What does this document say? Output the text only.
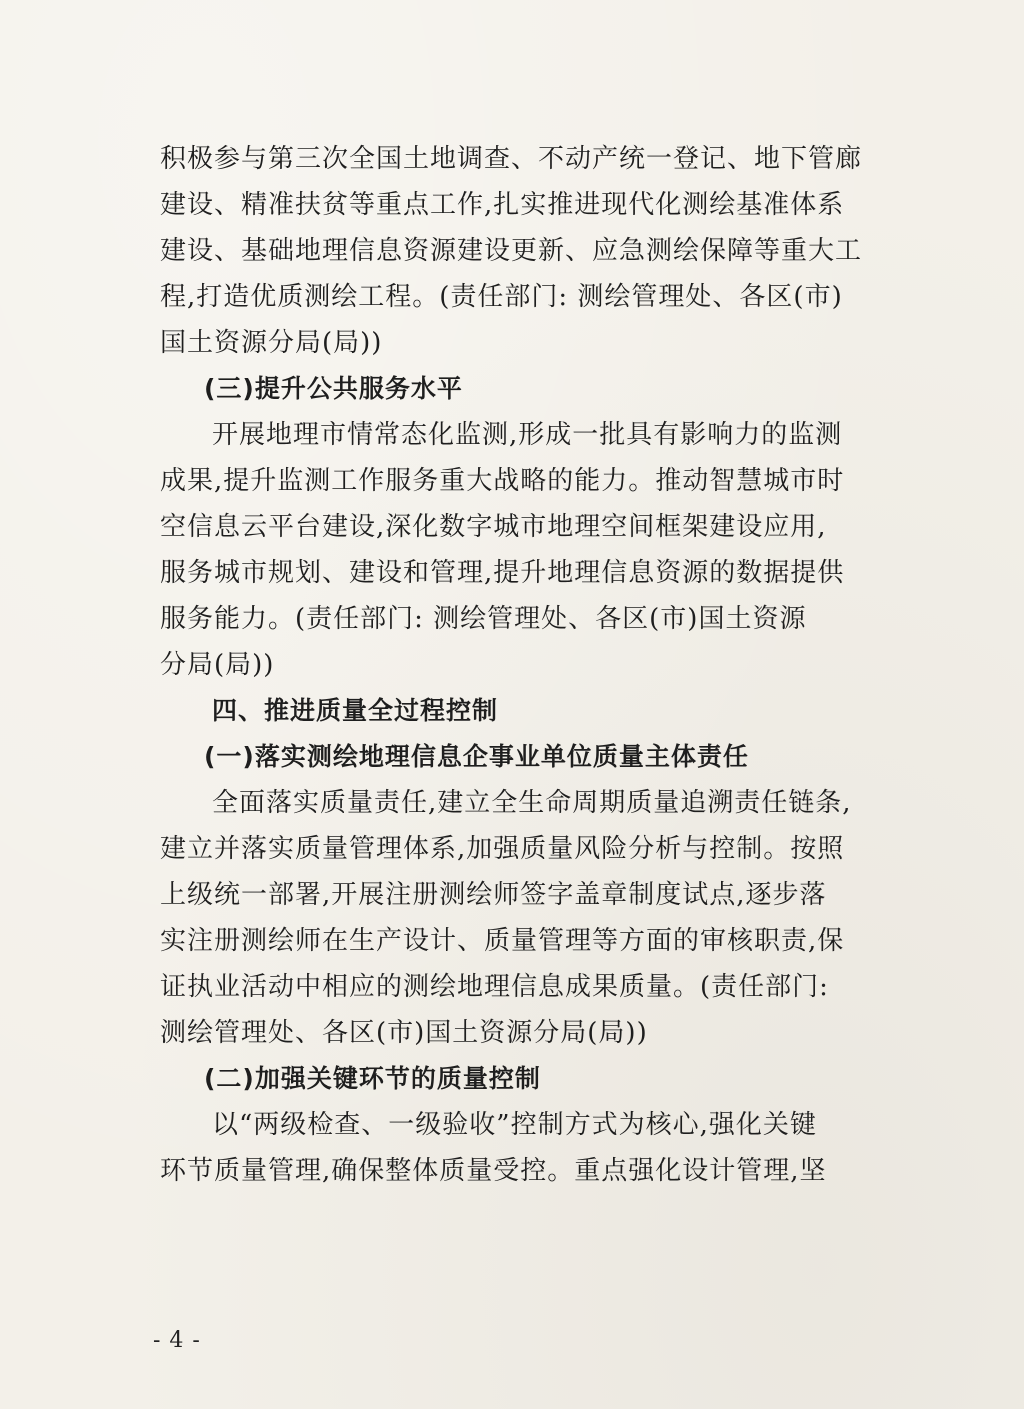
积极参与第三次全国土地调查、不动产统一登记、地下管廊
建设、精准扶贫等重点工作,扎实推进现代化测绘基准体系
建设、基础地理信息资源建设更新、应急测绘保障等重大工
程,打造优质测绘工程。(责任部门: 测绘管理处、各区(市)
国土资源分局(局))
(三)提升公共服务水平
开展地理市情常态化监测,形成一批具有影响力的监测
成果,提升监测工作服务重大战略的能力。推动智慧城市时
空信息云平台建设,深化数字城市地理空间框架建设应用,
服务城市规划、建设和管理,提升地理信息资源的数据提供
服务能力。(责任部门: 测绘管理处、各区(市)国土资源
分局(局))
四、推进质量全过程控制
(一)落实测绘地理信息企事业单位质量主体责任
全面落实质量责任,建立全生命周期质量追溯责任链条,
建立并落实质量管理体系,加强质量风险分析与控制。按照
上级统一部署,开展注册测绘师签字盖章制度试点,逐步落
实注册测绘师在生产设计、质量管理等方面的审核职责,保
证执业活动中相应的测绘地理信息成果质量。(责任部门:
测绘管理处、各区(市)国土资源分局(局))
(二)加强关键环节的质量控制
以“两级检查、一级验收”控制方式为核心,强化关键
环节质量管理,确保整体质量受控。重点强化设计管理,坚
- 4 -
